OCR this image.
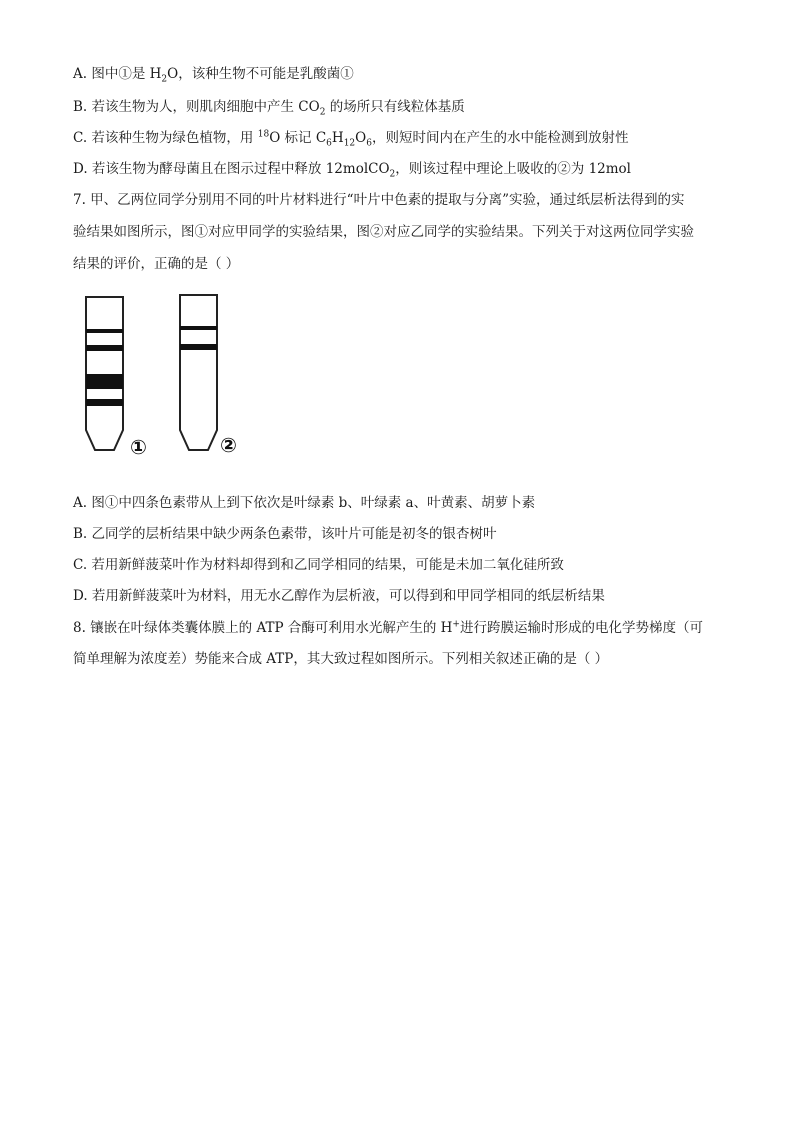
A. 图中①是 $H_2O$，该种生物不可能是乳酸菌①
B. 若该生物为人，则肌肉细胞中产生 $CO_2$ 的场所只有线粒体基质
C. 若该种生物为绿色植物，用 $^{18}$O 标记 $C_6H_{12}O_6$，则短时间内在产生的水中能检测到放射性
D. 若该生物为酵母菌且在图示过程中释放 12molCO$_2$，则该过程中理论上吸收的②为 12mol
7. 甲、乙两位同学分别用不同的叶片材料进行“叶片中色素的提取与分离”实验，通过纸层析法得到的实
验结果如图所示，图①对应甲同学的实验结果，图②对应乙同学的实验结果。下列关于对这两位同学实验
结果的评价，正确的是（ ）
①	②
A. 图①中四条色素带从上到下依次是叶绿素 b、叶绿素 a、叶黄素、胡萝卜素
B. 乙同学的层析结果中缺少两条色素带，该叶片可能是初冬的银杏树叶
C. 若用新鲜菠菜叶作为材料却得到和乙同学相同的结果，可能是未加二氧化硅所致
D. 若用新鲜菠菜叶为材料，用无水乙醇作为层析液，可以得到和甲同学相同的纸层析结果
8. 镶嵌在叶绿体类囊体膜上的 ATP 合酶可利用水光解产生的 H+进行跨膜运输时形成的电化学势梯度（可
简单理解为浓度差）势能来合成 ATP，其大致过程如图所示。下列相关叙述正确的是（ ）
